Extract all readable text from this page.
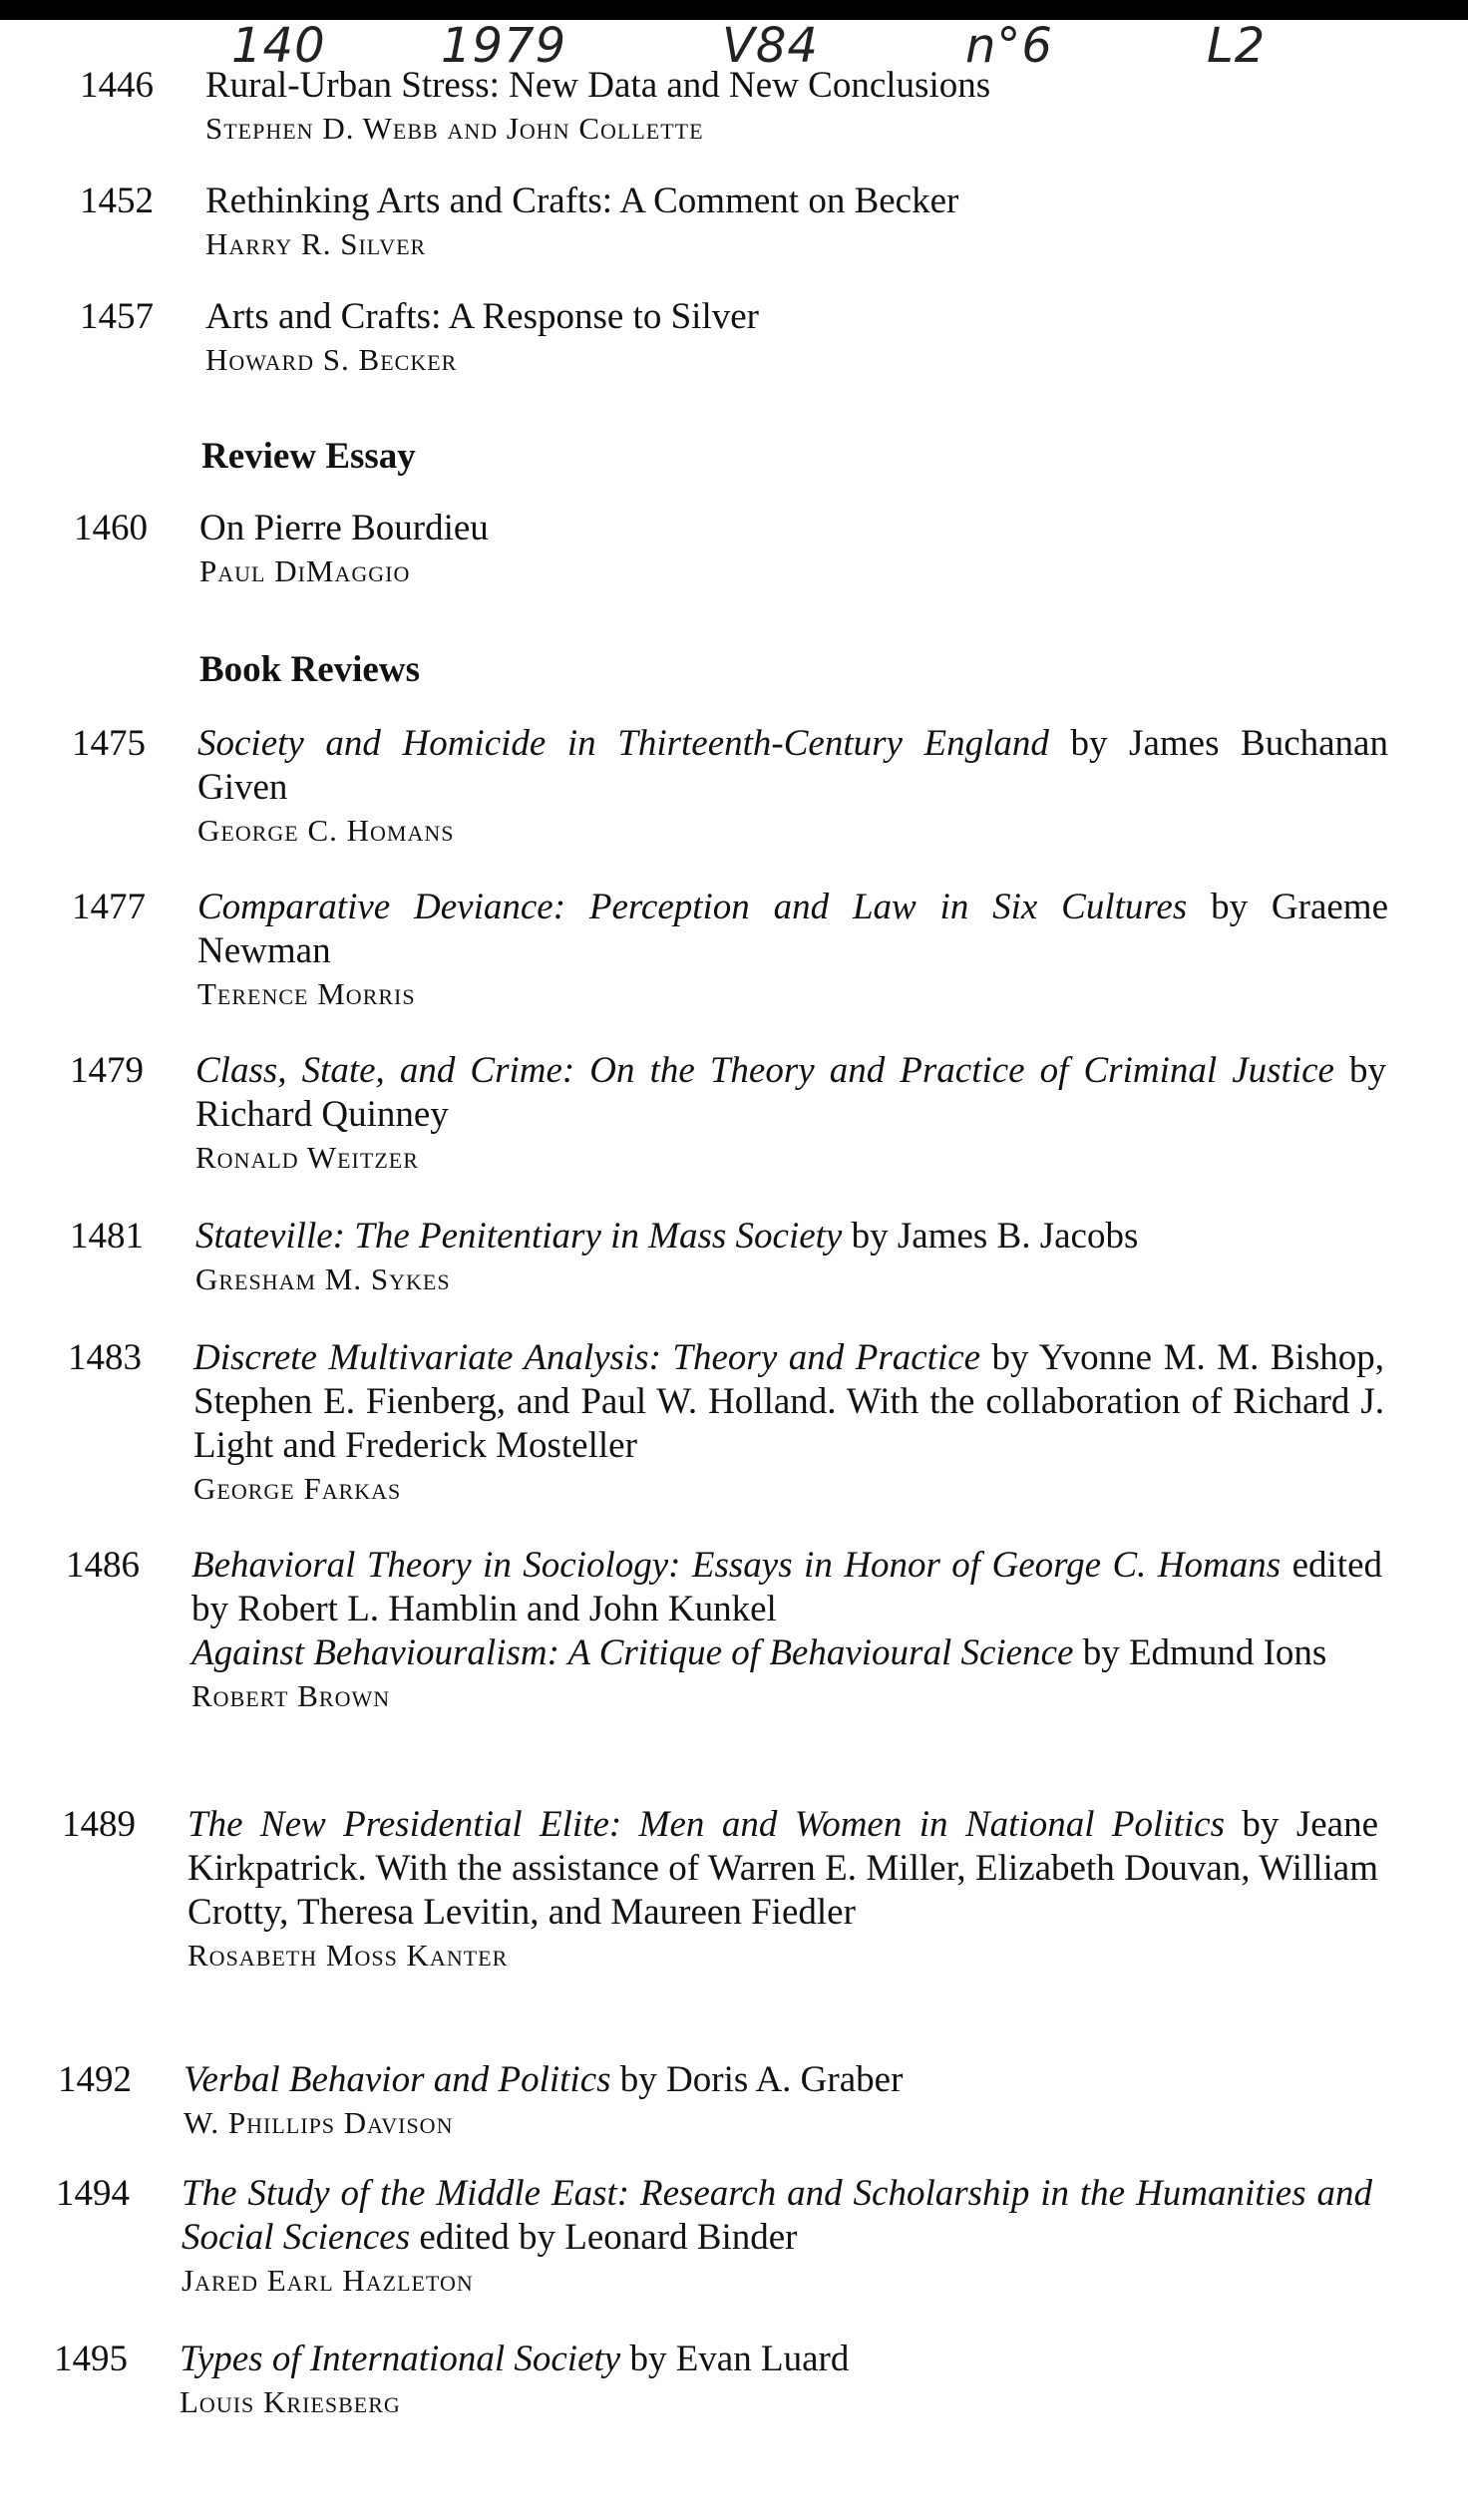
140 1979	V84	n°6	L2
1446 Rural-Urban Stress: New Data and New Conclusions
Stephen D. Webb and John Collette
1452 Rethinking Arts and Crafts: A Comment on Becker
Harry R. Silver
1457 Arts and Crafts: A Response to Silver
Howard S. Becker
Review Essay
1460 On Pierre Bourdieu
Paul DiMaggio
Book Reviews
1475 Society and Homicide in Thirteenth-Century England by James Buchanan Given
George C. Homans
1477 Comparative Deviance: Perception and Law in Six Cultures by Graeme Newman
Terence Morris
1479 Class, State, and Crime: On the Theory and Practice of Criminal Justice by Richard Quinney
Ronald Weitzer
1481 Stateville: The Penitentiary in Mass Society by James B. Jacobs
Gresham M. Sykes
1483 Discrete Multivariate Analysis: Theory and Practice by Yvonne M. M. Bishop, Stephen E. Fienberg, and Paul W. Holland. With the collaboration of Richard J. Light and Frederick Mosteller
George Farkas
1486 Behavioral Theory in Sociology: Essays in Honor of George C. Homans edited by Robert L. Hamblin and John Kunkel
Against Behaviouralism: A Critique of Behavioural Science by Edmund Ions
Robert Brown
1489 The New Presidential Elite: Men and Women in National Politics by Jeane Kirkpatrick. With the assistance of Warren E. Miller, Elizabeth Douvan, William Crotty, Theresa Levitin, and Maureen Fiedler
Rosabeth Moss Kanter
1492 Verbal Behavior and Politics by Doris A. Graber
W. Phillips Davison
1494 The Study of the Middle East: Research and Scholarship in the Humanities and Social Sciences edited by Leonard Binder
Jared Earl Hazleton
1495 Types of International Society by Evan Luard
Louis Kriesberg
